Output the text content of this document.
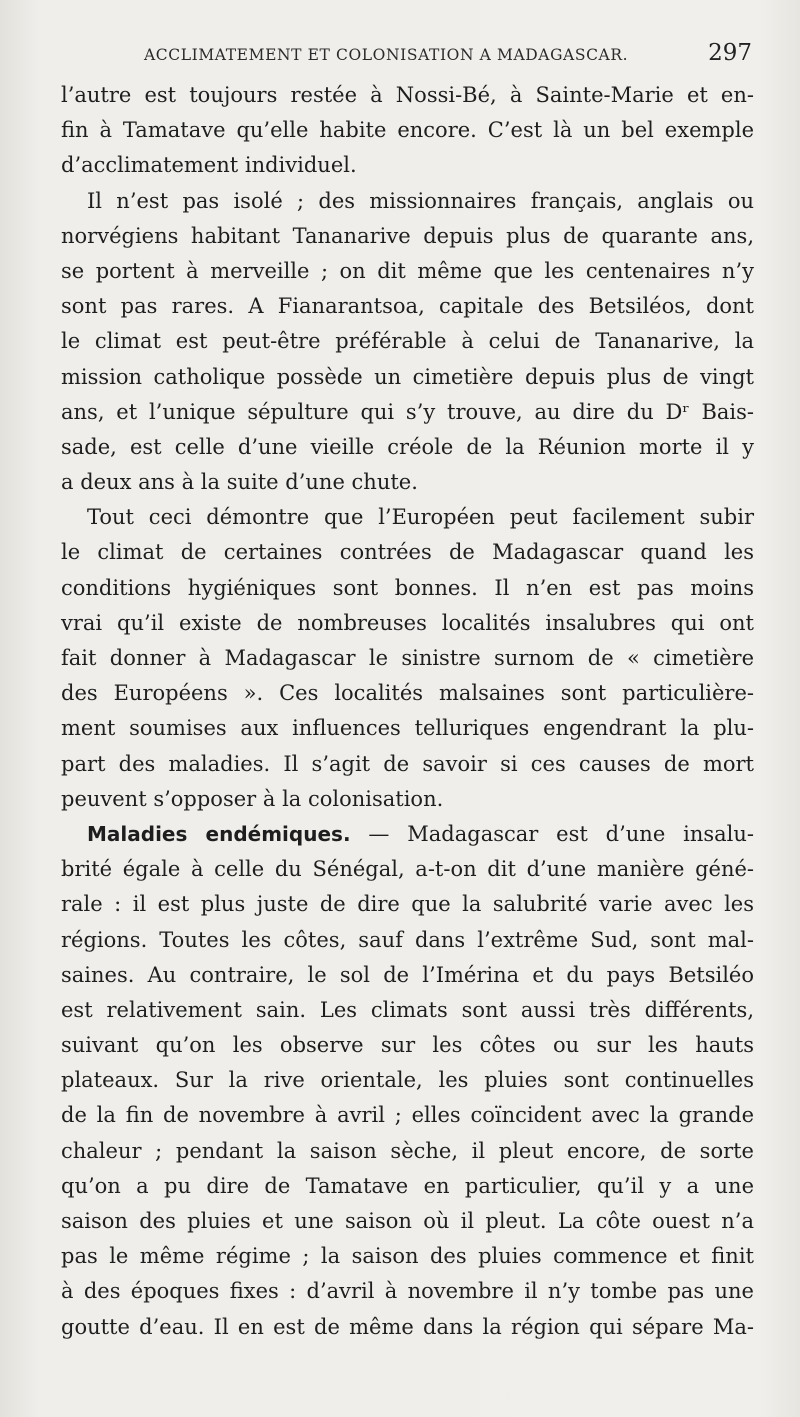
ACCLIMATEMENT ET COLONISATION A MADAGASCAR.	297
l’autre est toujours restée à Nossi-Bé, à Sainte-Marie et en-
fin à Tamatave qu’elle habite encore. C’est là un bel exemple
d’acclimatement individuel.
Il n’est pas isolé ; des missionnaires français, anglais ou
norvégiens habitant Tananarive depuis plus de quarante ans,
se portent à merveille ; on dit même que les centenaires n’y
sont pas rares. A Fianarantsoa, capitale des Betsiléos, dont
le climat est peut-être préférable à celui de Tananarive, la
mission catholique possède un cimetière depuis plus de vingt
ans, et l’unique sépulture qui s’y trouve, au dire du Dʳ Bais-
sade, est celle d’une vieille créole de la Réunion morte il y
a deux ans à la suite d’une chute.
Tout ceci démontre que l’Européen peut facilement subir
le climat de certaines contrées de Madagascar quand les
conditions hygiéniques sont bonnes. Il n’en est pas moins
vrai qu’il existe de nombreuses localités insalubres qui ont
fait donner à Madagascar le sinistre surnom de « cimetière
des Européens ». Ces localités malsaines sont particulière-
ment soumises aux influences telluriques engendrant la plu-
part des maladies. Il s’agit de savoir si ces causes de mort
peuvent s’opposer à la colonisation.
Maladies endémiques. — Madagascar est d’une insalu-
brité égale à celle du Sénégal, a-t-on dit d’une manière géné-
rale : il est plus juste de dire que la salubrité varie avec les
régions. Toutes les côtes, sauf dans l’extrême Sud, sont mal-
saines. Au contraire, le sol de l’Imérina et du pays Betsiléo
est relativement sain. Les climats sont aussi très différents,
suivant qu’on les observe sur les côtes ou sur les hauts
plateaux. Sur la rive orientale, les pluies sont continuelles
de la fin de novembre à avril ; elles coïncident avec la grande
chaleur ; pendant la saison sèche, il pleut encore, de sorte
qu’on a pu dire de Tamatave en particulier, qu’il y a une
saison des pluies et une saison où il pleut. La côte ouest n’a
pas le même régime ; la saison des pluies commence et finit
à des époques fixes : d’avril à novembre il n’y tombe pas une
goutte d’eau. Il en est de même dans la région qui sépare Ma-
